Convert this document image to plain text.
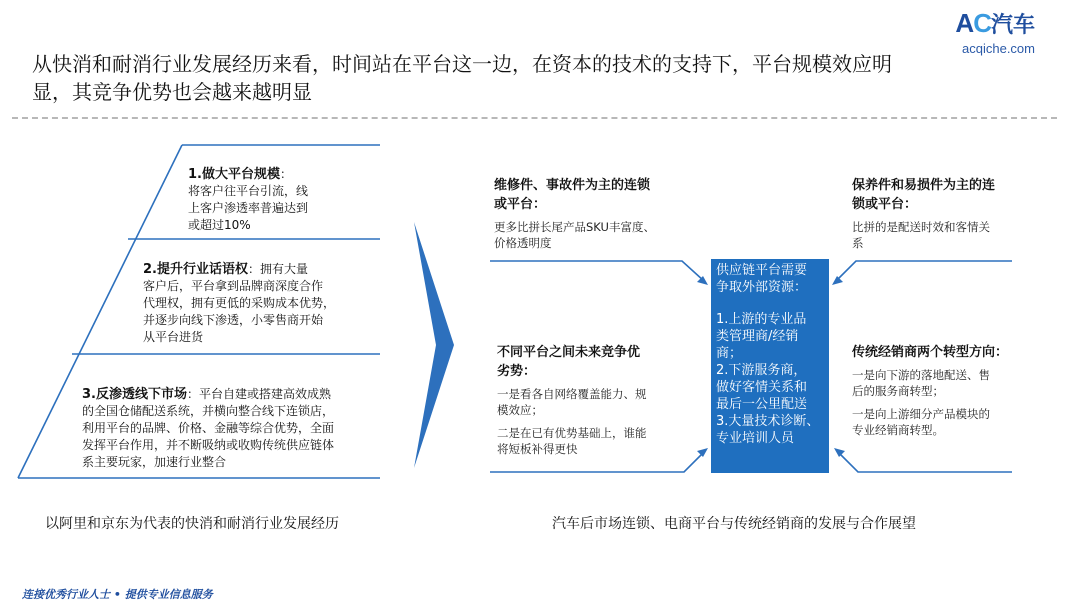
AC汽车
acqiche.com
从快消和耐消行业发展经历来看，时间站在平台这一边，在资本的技术的支持下，平台规模效应明
显，其竞争优势也会越来越明显
1.做大平台规模：
将客户往平台引流，线
上客户渗透率普遍达到
或超过10%
2.提升行业话语权：拥有大量
客户后，平台拿到品牌商深度合作
代理权，拥有更低的采购成本优势，
并逐步向线下渗透，小零售商开始
从平台进货
3.反渗透线下市场：平台自建或搭建高效成熟
的全国仓储配送系统，并横向整合线下连锁店，
利用平台的品牌、价格、金融等综合优势，全面
发挥平台作用，并不断吸纳或收购传统供应链体
系主要玩家，加速行业整合
维修件、事故件为主的连锁
或平台：
更多比拼长尾产品SKU丰富度、
价格透明度
保养件和易损件为主的连
锁或平台：
比拼的是配送时效和客情关
系
不同平台之间未来竞争优
劣势：
一是看各自网络覆盖能力、规
模效应；
二是在已有优势基础上，谁能
将短板补得更快
传统经销商两个转型方向：
一是向下游的落地配送、售
后的服务商转型；
一是向上游细分产品模块的
专业经销商转型。
供应链平台需要
争取外部资源：
1.上游的专业品
类管理商/经销
商；
2.下游服务商，
做好客情关系和
最后一公里配送
3.大量技术诊断、
专业培训人员
以阿里和京东为代表的快消和耐消行业发展经历	汽车后市场连锁、电商平台与传统经销商的发展与合作展望
连接优秀行业人士 • 提供专业信息服务
